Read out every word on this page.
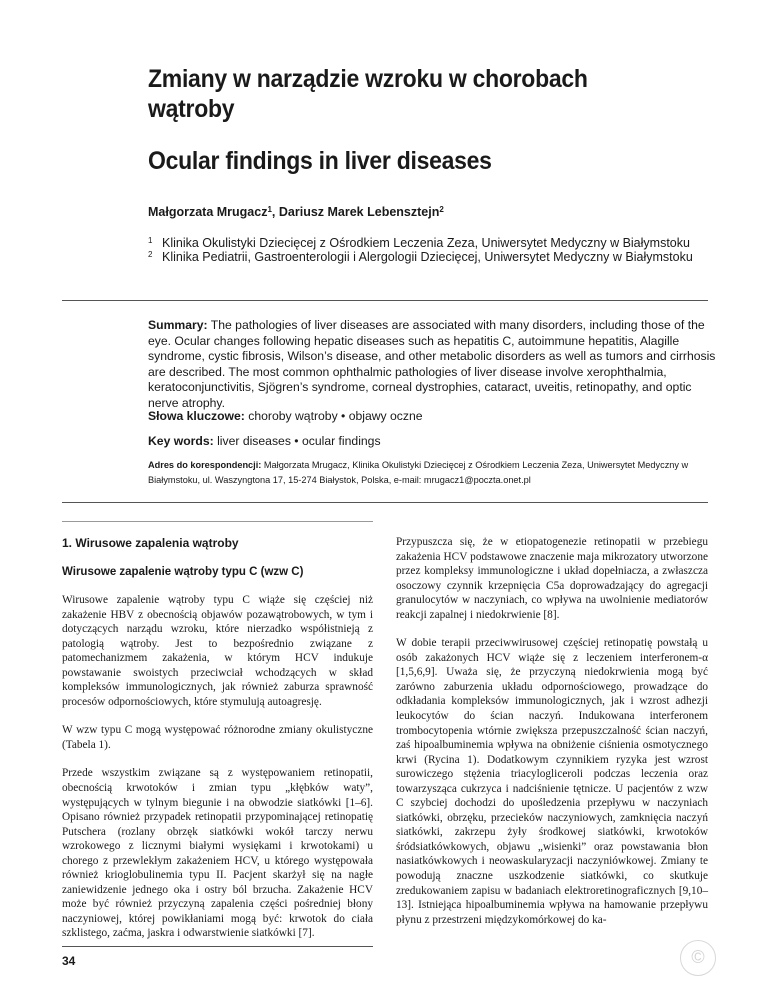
Zmiany w narządzie wzroku w chorobach wątroby
Ocular findings in liver diseases

Małgorzata Mrugacz$^1$, Dariusz Marek Lebensztejn$^2$

1 Klinika Okulistyki Dziecięcej z Ośrodkiem Leczenia Zeza, Uniwersytet Medyczny w Białymstoku
2 Klinika Pediatrii, Gastroenterologii i Alergologii Dziecięcej, Uniwersytet Medyczny w Białymstoku

Summary: The pathologies of liver diseases are associated with many disorders, including those of the eye. Ocular changes following hepatic diseases such as hepatitis C, autoimmune hepatitis, Alagille syndrome, cystic fibrosis, Wilson’s disease, and other metabolic disorders as well as tumors and cirrhosis are described. The most common ophthalmic pathologies of liver disease involve xerophthalmia, keratoconjunctivitis, Sjögren’s syndrome, corneal dystrophies, cataract, uveitis, retinopathy, and optic nerve atrophy.

Słowa kluczowe: choroby wątroby • objawy oczne

Key words: liver diseases • ocular findings

Adres do korespondencji: Małgorzata Mrugacz, Klinika Okulistyki Dziecięcej z Ośrodkiem Leczenia Zeza, Uniwersytet Medyczny w Białymstoku, ul. Waszyngtona 17, 15-274 Białystok, Polska, e-mail: mrugacz1@poczta.onet.pl

1. Wirusowe zapalenia wątroby
Wirusowe zapalenie wątroby typu C (wzw C)

Wirusowe zapalenie wątroby typu C wiąże się częściej niż zakażenie HBV z obecnością objawów pozawątrobowych, w tym i dotyczących narządu wzroku, które nierzadko współistnieją z patologią wątroby. Jest to bezpośrednio związane z patomechanizmem zakażenia, w którym HCV indukuje powstawanie swoistych przeciwciał wchodzących w skład kompleksów immunologicznych, jak również zaburza sprawność procesów odpornościowych, które stymulują autoagresję.

W wzw typu C mogą występować różnorodne zmiany okulistyczne (Tabela 1).

Przede wszystkim związane są z występowaniem retinopatii, obecnością krwotoków i zmian typu „kłębków waty”, występujących w tylnym biegunie i na obwodzie siatkówki [1–6]. Opisano również przypadek retinopatii przypominającej retinopatię Putschera (rozlany obrzęk siatkówki wokół tarczy nerwu wzrokowego z licznymi białymi wysiękami i krwotokami) u chorego z przewlekłym zakażeniem HCV, u którego występowała również krioglobulinemia typu II. Pacjent skarżył się na nagłe zaniewidzenie jednego oka i ostry ból brzucha. Zakażenie HCV może być również przyczyną zapalenia części pośredniej błony naczyniowej, której powikłaniami mogą być: krwotok do ciała szklistego, zaćma, jaskra i odwarstwienie siatkówki [7].

Przypuszcza się, że w etiopatogenezie retinopatii w przebiegu zakażenia HCV podstawowe znaczenie maja mikrozatory utworzone przez kompleksy immunologiczne i układ dopełniacza, a zwłaszcza osoczowy czynnik krzepnięcia C5a doprowadzający do agregacji granulocytów w naczyniach, co wpływa na uwolnienie mediatorów reakcji zapalnej i niedokrwienie [8].

W dobie terapii przeciwwirusowej częściej retinopatię powstałą u osób zakażonych HCV wiąże się z leczeniem interferonem-α [1,5,6,9]. Uważa się, że przyczyną niedokrwienia mogą być zarówno zaburzenia układu odpornościowego, prowadzące do odkładania kompleksów immunologicznych, jak i wzrost adhezji leukocytów do ścian naczyń. Indukowana interferonem trombocytopenia wtórnie zwiększa przepuszczalność ścian naczyń, zaś hipoalbuminemia wpływa na obniżenie ciśnienia osmotycznego krwi (Rycina 1). Dodatkowym czynnikiem ryzyka jest wzrost surowiczego stężenia triacylogliceroli podczas leczenia oraz towarzysząca cukrzyca i nadciśnienie tętnicze. U pacjentów z wzw C szybciej dochodzi do upośledzenia przepływu w naczyniach siatkówki, obrzęku, przecieków naczyniowych, zamknięcia naczyń siatkówki, zakrzepu żyły środkowej siatkówki, krwotoków śródsiatkówkowych, objawu „wisienki” oraz powstawania błon nasiatkówkowych i neowaskularyzacji naczyniówkowej. Zmiany te powodują znaczne uszkodzenie siatkówki, co skutkuje zredukowaniem zapisu w badaniach elektroretinograficznych [9,10–13]. Istniejąca hipoalbuminemia wpływa na hamowanie przepływu płynu z przestrzeni międzykomórkowej do ka-

34	©
